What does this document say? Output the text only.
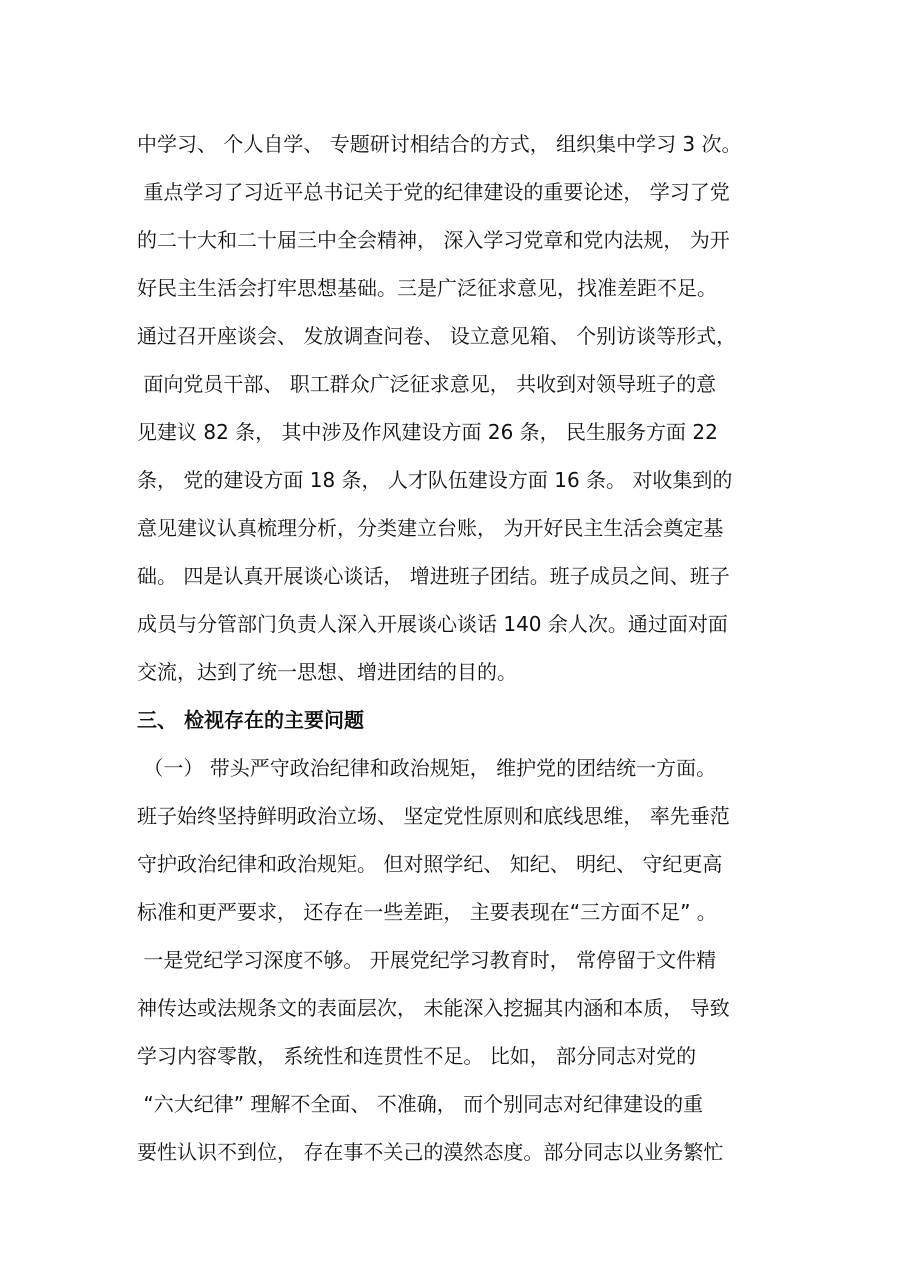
中学习、 个人自学、 专题研讨相结合的方式， 组织集中学习 3 次。
重点学习了习近平总书记关于党的纪律建设的重要论述， 学习了党
的二十大和二十届三中全会精神， 深入学习党章和党内法规， 为开
好民主生活会打牢思想基础。三是广泛征求意见，找准差距不足。
通过召开座谈会、 发放调查问卷、 设立意见箱、 个别访谈等形式，
面向党员干部、 职工群众广泛征求意见， 共收到对领导班子的意
见建议 82 条， 其中涉及作风建设方面 26 条， 民生服务方面 22
条， 党的建设方面 18 条， 人才队伍建设方面 16 条。 对收集到的
意见建议认真梳理分析，分类建立台账， 为开好民主生活会奠定基
础。 四是认真开展谈心谈话， 增进班子团结。班子成员之间、班子
成员与分管部门负责人深入开展谈心谈话 140 余人次。通过面对面
交流，达到了统一思想、增进团结的目的。
三、 检视存在的主要问题
（一） 带头严守政治纪律和政治规矩， 维护党的团结统一方面。
班子始终坚持鲜明政治立场、 坚定党性原则和底线思维， 率先垂范
守护政治纪律和政治规矩。 但对照学纪、 知纪、 明纪、 守纪更高
标准和更严要求， 还存在一些差距， 主要表现在“三方面不足” 。
一是党纪学习深度不够。 开展党纪学习教育时， 常停留于文件精
神传达或法规条文的表面层次， 未能深入挖掘其内涵和本质， 导致
学习内容零散， 系统性和连贯性不足。 比如， 部分同志对党的
“六大纪律” 理解不全面、 不准确， 而个别同志对纪律建设的重
要性认识不到位， 存在事不关己的漠然态度。部分同志以业务繁忙
